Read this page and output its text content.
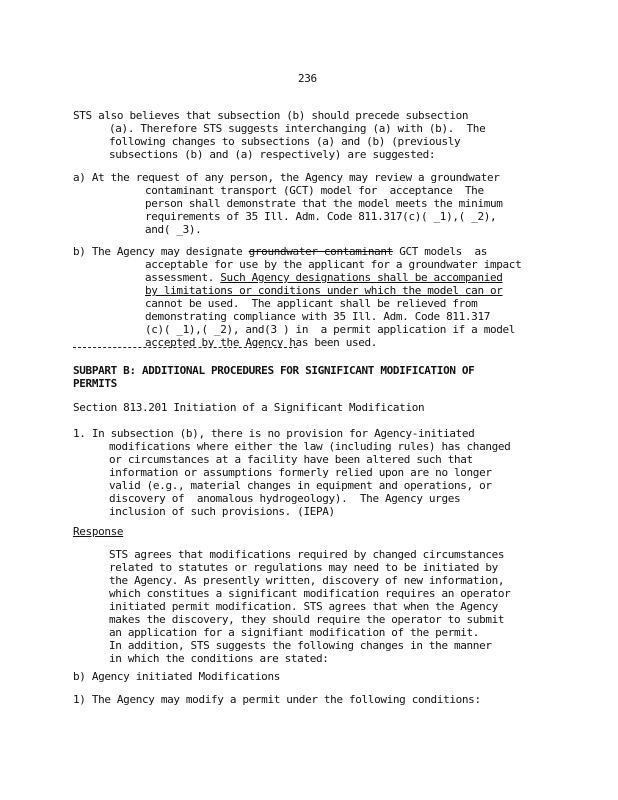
236
STS also believes that subsection (b) should precede subsection
(a). Therefore STS suggests interchanging (a) with (b).  The
following changes to subsections (a) and (b) (previously
subsections (b) and (a) respectively) are suggested:
a) At the request of any person, the Agency may review a groundwater
contaminant transport (GCT) model for  acceptance  The
person shall demonstrate that the model meets the minimum
requirements of 35 Ill. Adm. Code 811.317(c)( _1),( _2),
and( _3).
b) The Agency may designate groundwater contaminant GCT models  as
acceptable for use by the applicant for a groundwater impact
assessment. Such Agency designations shall be accompanied
by limitations or conditions under which the model can or
cannot be used.  The applicant shall be relieved from
demonstrating compliance with 35 Ill. Adm. Code 811.317
(c)( _1),( _2), and(3 ) in  a permit application if a model
accepted by the Agency has been used.
SUBPART B: ADDITIONAL PROCEDURES FOR SIGNIFICANT MODIFICATION OF
PERMITS
Section 813.201 Initiation of a Significant Modification
1. In subsection (b), there is no provision for Agency-initiated
modifications where either the law (including rules) has changed
or circumstances at a facility have been altered such that
information or assumptions formerly relied upon are no longer
valid (e.g., material changes in equipment and operations, or
discovery of  anomalous hydrogeology).  The Agency urges
inclusion of such provisions. (IEPA)
Response
STS agrees that modifications required by changed circumstances
related to statutes or regulations may need to be initiated by
the Agency. As presently written, discovery of new information,
which constitues a significant modification requires an operator
initiated permit modification. STS agrees that when the Agency
makes the discovery, they should require the operator to submit
an application for a signifiant modification of the permit.
In addition, STS suggests the following changes in the manner
in which the conditions are stated:
b) Agency initiated Modifications
1) The Agency may modify a permit under the following conditions:
